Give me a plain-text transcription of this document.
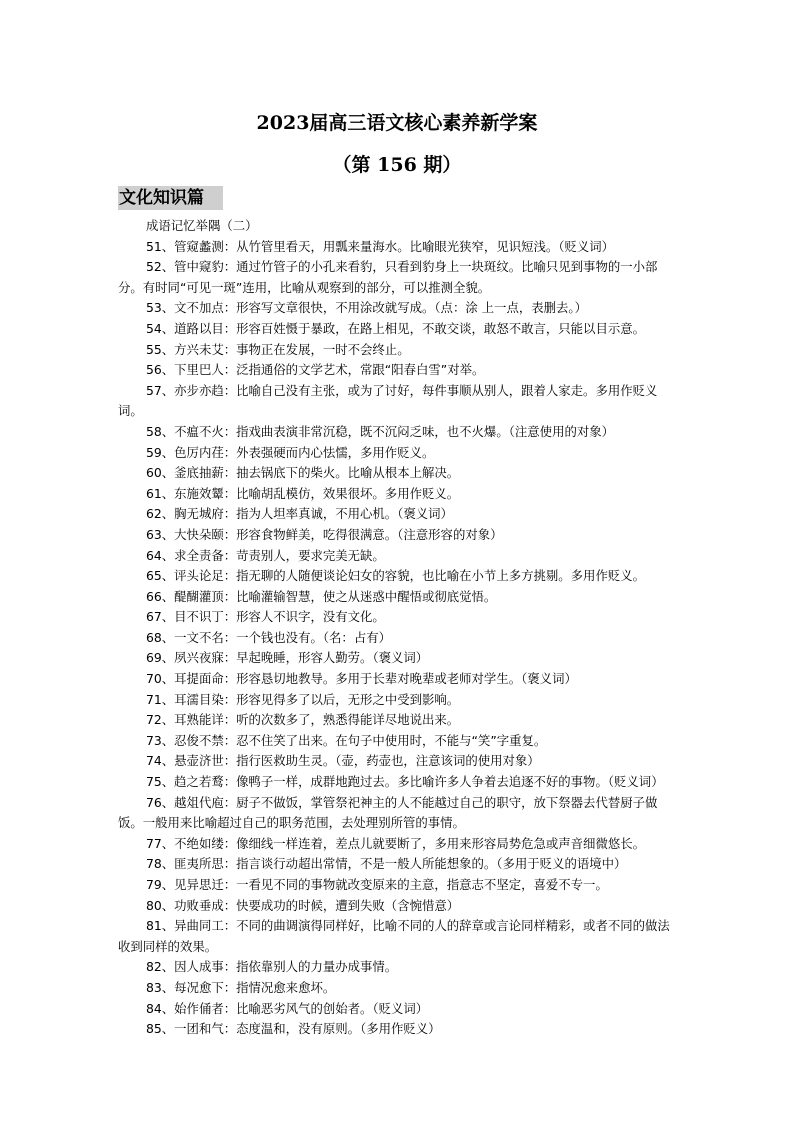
2023届高三语文核心素养新学案
（第 156 期）
文化知识篇
成语记忆举隅（二）
51、管窥蠡测：从竹管里看天，用瓢来量海水。比喻眼光狭窄，见识短浅。（贬义词）
52、管中窥豹：通过竹管子的小孔来看豹，只看到豹身上一块斑纹。比喻只见到事物的一小部分。有时同“可见一斑”连用，比喻从观察到的部分，可以推测全貌。
53、文不加点：形容写文章很快，不用涂改就写成。（点：涂 上一点，表删去。）
54、道路以目：形容百姓慑于暴政，在路上相见，不敢交谈，敢怒不敢言，只能以目示意。
55、方兴未艾：事物正在发展，一时不会终止。
56、下里巴人：泛指通俗的文学艺术，常跟“阳春白雪”对举。
57、亦步亦趋：比喻自己没有主张，或为了讨好，每件事顺从别人，跟着人家走。多用作贬义词。
58、不瘟不火：指戏曲表演非常沉稳，既不沉闷乏味，也不火爆。（注意使用的对象）
59、色厉内荏：外表强硬而内心怯懦，多用作贬义。
60、釜底抽薪：抽去锅底下的柴火。比喻从根本上解决。
61、东施效颦：比喻胡乱模仿，效果很坏。多用作贬义。
62、胸无城府：指为人坦率真诚，不用心机。（褒义词）
63、大快朵颐：形容食物鲜美，吃得很满意。（注意形容的对象）
64、求全责备：苛责别人，要求完美无缺。
65、评头论足：指无聊的人随便谈论妇女的容貌，也比喻在小节上多方挑剔。多用作贬义。
66、醍醐灌顶：比喻灌输智慧，使之从迷惑中醒悟或彻底觉悟。
67、目不识丁：形容人不识字，没有文化。
68、一文不名：一个钱也没有。（名：占有）
69、夙兴夜寐：早起晚睡，形容人勤劳。（褒义词）
70、耳提面命：形容恳切地教导。多用于长辈对晚辈或老师对学生。（褒义词）
71、耳濡目染：形容见得多了以后，无形之中受到影响。
72、耳熟能详：听的次数多了，熟悉得能详尽地说出来。
73、忍俊不禁：忍不住笑了出来。在句子中使用时，不能与“笑”字重复。
74、悬壶济世：指行医救助生灵。（壶，药壶也，注意该词的使用对象）
75、趋之若鹜：像鸭子一样，成群地跑过去。多比喻许多人争着去追逐不好的事物。（贬义词）
76、越俎代庖：厨子不做饭，掌管祭祀神主的人不能越过自己的职守，放下祭器去代替厨子做饭。一般用来比喻超过自己的职务范围，去处理别所管的事情。
77、不绝如缕：像细线一样连着，差点儿就要断了，多用来形容局势危急或声音细微悠长。
78、匪夷所思：指言谈行动超出常情，不是一般人所能想象的。（多用于贬义的语境中）
79、见异思迁：一看见不同的事物就改变原来的主意，指意志不坚定，喜爱不专一。
80、功败垂成：快要成功的时候，遭到失败（含惋惜意）
81、异曲同工：不同的曲调演得同样好，比喻不同的人的辞章或言论同样精彩，或者不同的做法收到同样的效果。
82、因人成事：指依靠别人的力量办成事情。
83、每况愈下：指情况愈来愈坏。
84、始作俑者：比喻恶劣风气的创始者。（贬义词）
85、一团和气：态度温和，没有原则。（多用作贬义）
